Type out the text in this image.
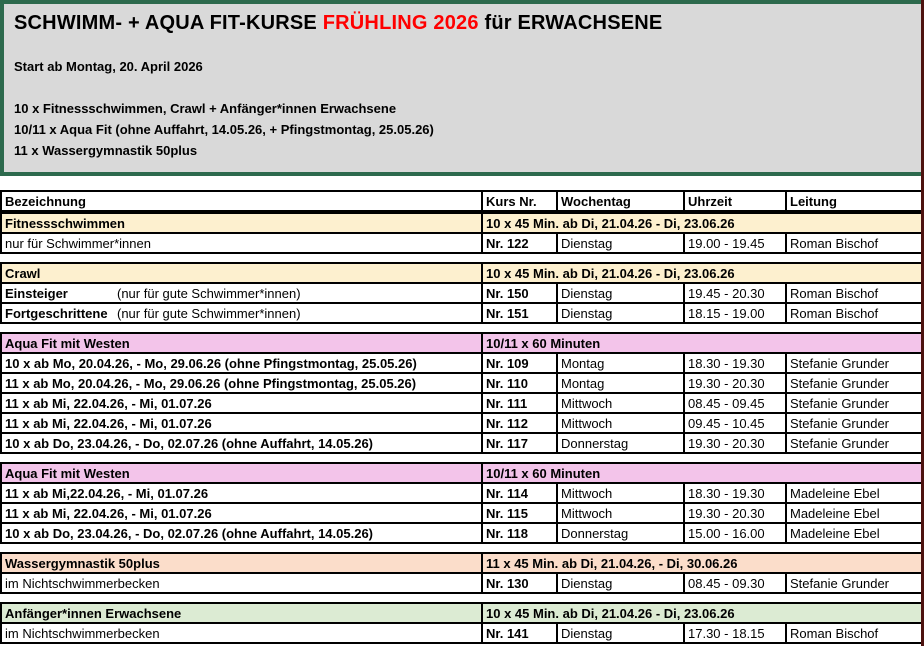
SCHWIMM- + AQUA FIT-KURSE FRÜHLING 2026 für ERWACHSENE
Start ab Montag, 20. April 2026
10 x Fitnessschwimmen, Crawl + Anfänger*innen Erwachsene
10/11 x Aqua Fit (ohne Auffahrt, 14.05.26, + Pfingstmontag, 25.05.26)
11 x Wassergymnastik 50plus
Bezeichnung	Kurs Nr.	Wochentag	Uhrzeit	Leitung
Fitnessschwimmen	10 x 45 Min. ab Di, 21.04.26 - Di, 23.06.26			
nur für Schwimmer*innen	Nr. 122	Dienstag	19.00 - 19.45	Roman Bischof
Crawl	10 x 45 Min. ab Di, 21.04.26 - Di, 23.06.26			
Einsteiger (nur für gute Schwimmer*innen)	Nr. 150	Dienstag	19.45 - 20.30	Roman Bischof
Fortgeschrittene (nur für gute Schwimmer*innen)	Nr. 151	Dienstag	18.15 - 19.00	Roman Bischof
Aqua Fit mit Westen	10/11 x 60 Minuten			
10 x ab Mo, 20.04.26, - Mo, 29.06.26 (ohne Pfingstmontag, 25.05.26)	Nr. 109	Montag	18.30 - 19.30	Stefanie Grunder
11 x ab Mo, 20.04.26, - Mo, 29.06.26 (ohne Pfingstmontag, 25.05.26)	Nr. 110	Montag	19.30 - 20.30	Stefanie Grunder
11 x ab Mi, 22.04.26, - Mi, 01.07.26	Nr. 111	Mittwoch	08.45 - 09.45	Stefanie Grunder
11 x ab Mi, 22.04.26, - Mi, 01.07.26	Nr. 112	Mittwoch	09.45 - 10.45	Stefanie Grunder
10 x ab Do, 23.04.26, - Do, 02.07.26 (ohne Auffahrt, 14.05.26)	Nr. 117	Donnerstag	19.30 - 20.30	Stefanie Grunder
Aqua Fit mit Westen	10/11 x 60 Minuten			
11 x ab Mi,22.04.26, - Mi, 01.07.26	Nr. 114	Mittwoch	18.30 - 19.30	Madeleine Ebel
11 x ab Mi, 22.04.26, - Mi, 01.07.26	Nr. 115	Mittwoch	19.30 - 20.30	Madeleine Ebel
10 x ab Do, 23.04.26, - Do, 02.07.26 (ohne Auffahrt, 14.05.26)	Nr. 118	Donnerstag	15.00 - 16.00	Madeleine Ebel
Wassergymnastik 50plus	11 x 45 Min. ab Di, 21.04.26, - Di, 30.06.26			
im Nichtschwimmerbecken	Nr. 130	Dienstag	08.45 - 09.30	Stefanie Grunder
Anfänger*innen Erwachsene	10 x 45 Min. ab Di, 21.04.26 - Di, 23.06.26			
im Nichtschwimmerbecken	Nr. 141	Dienstag	17.30 - 18.15	Roman Bischof
